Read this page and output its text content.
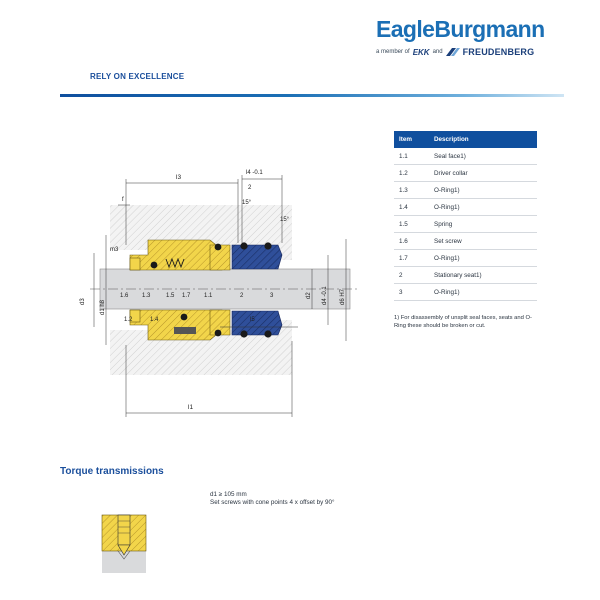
EagleBurgmann
a member of EKK and FREUDENBERG
RELY ON EXCELLENCE
l3
l4 -0.1
2
15°
15°
f
m3
d3 d1 h8
d2 d4 -0.1 d6 H7
l5
l1
1.6 1.3	1.5 1.7 1.1	2	3
1.2	1.4
Item	Description
1.1	Seal face1)
1.2	Driver collar
1.3	O-Ring1)
1.4	O-Ring1)
1.5	Spring
1.6	Set screw
1.7	O-Ring1)
2	Stationary seat1)
3	O-Ring1)

1) For disassembly of unsplit seal faces, seats and O-Ring these should be broken or cut.

Torque transmissions
d1 ≥ 105 mm
Set screws with cone points 4 x offset by 90°
